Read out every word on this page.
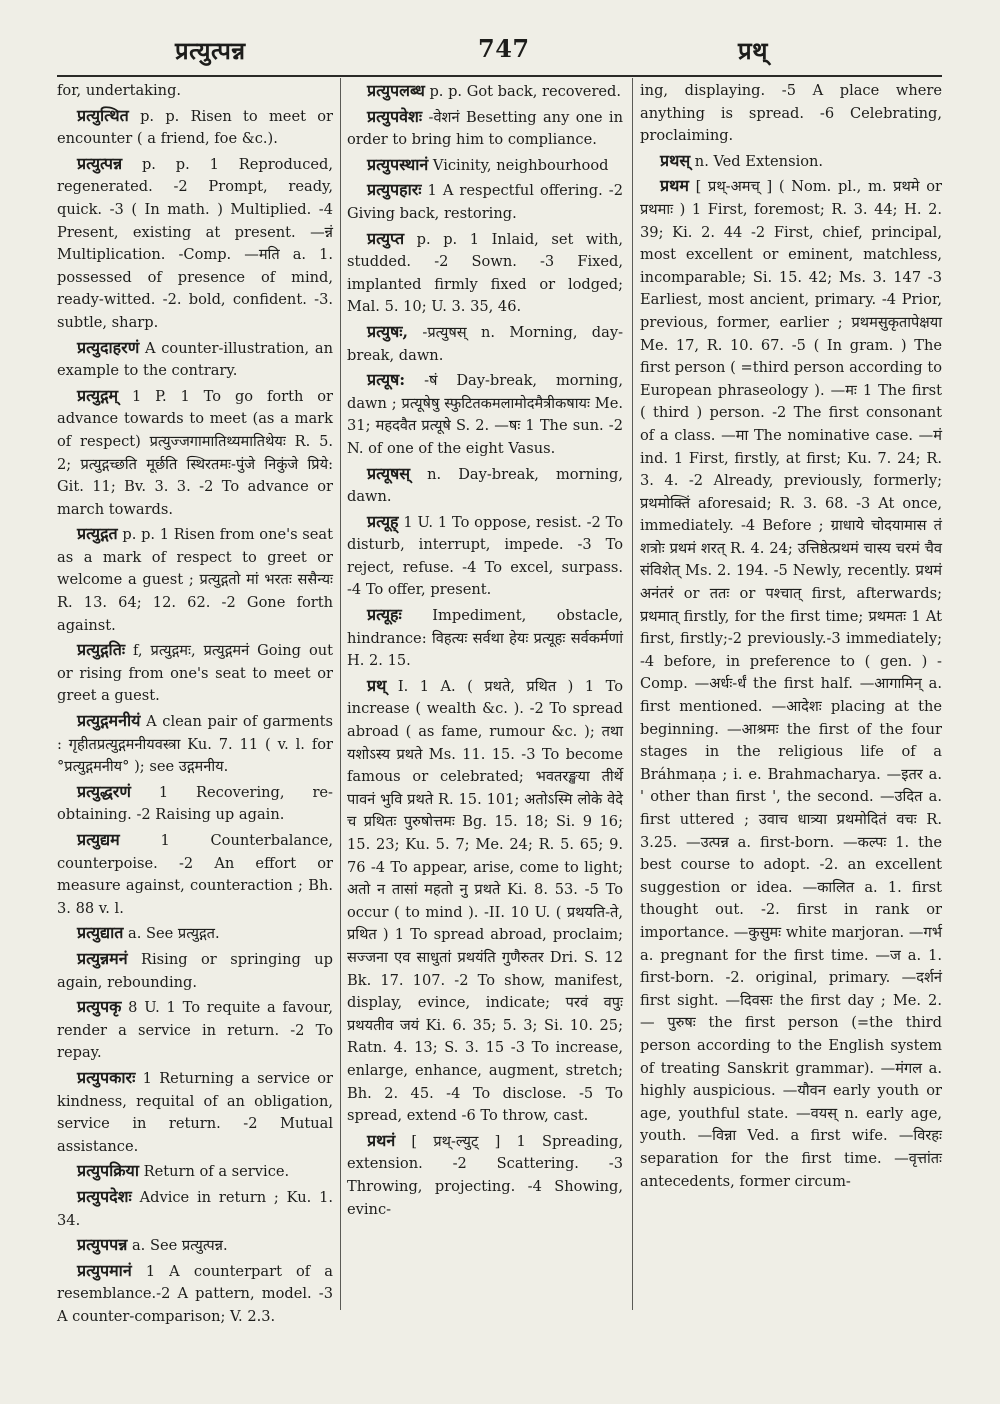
प्रत्युत्पन्न	747	प्रथ्

for, undertaking.

प्रत्युत्थित p. p. Risen to meet or encounter ( a friend, foe &c.).

प्रत्युत्पन्न p. p. 1 Reproduced, regenerated. -2 Prompt, ready, quick. -3 ( In math. ) Multiplied. -4 Present, existing at present. —न्नं Multiplication. -Comp. —मति a. 1. possessed of presence of mind, ready-witted. -2. bold, confident. -3. subtle, sharp.

प्रत्युदाहरणं A counter-illustration, an example to the contrary.

प्रत्युद्गम् 1 P. 1 To go forth or advance towards to meet (as a mark of respect) प्रत्युज्जगामातिथ्यमातिथेयः R. 5. 2; प्रत्युद्गच्छति मूर्छति स्थिरतमः-पुंजे निकुंजे प्रिये: Git. 11; Bv. 3. 3. -2 To advance or march towards.

प्रत्युद्गत p. p. 1 Risen from one's seat as a mark of respect to greet or welcome a guest ; प्रत्युद्गतो मां भरतः ससैन्यः R. 13. 64; 12. 62. -2 Gone forth against.

प्रत्युद्गतिः f, प्रत्युद्गमः, प्रत्युद्गमनं Going out or rising from one's seat to meet or greet a guest.

प्रत्युद्गमनीयं A clean pair of garments : गृहीतप्रत्युद्गमनीयवस्त्रा Ku. 7. 11 ( v. l. for °प्रत्युद्गमनीय° ); see उद्गमनीय.

प्रत्युद्धरणं 1 Recovering, re-obtaining. -2 Raising up again.

प्रत्युद्यम	1 Counterbalance, counterpoise. -2 An effort or measure against, counteraction ; Bh. 3. 88 v. l.

प्रत्युद्यात a. See प्रत्युद्गत.

प्रत्युन्नमनं Rising or springing up again, rebounding.

प्रत्युपकृ 8 U. 1 To requite a favour, render a service in return. -2 To repay.

प्रत्युपकारः 1 Returning a service or kindness, requital of an obligation, service in return. -2 Mutual assistance.

प्रत्युपक्रिया Return of a service.

प्रत्युपदेशः Advice in return ; Ku. 1. 34.

प्रत्युपपन्न a. See प्रत्युत्पन्न.

प्रत्युपमानं 1 A counterpart of a resemblance.-2 A pattern, model. -3 A counter-comparison; V. 2.3.

प्रत्युपलब्ध p. p. Got back, recovered.

प्रत्युपवेशः -वेशनं Besetting any one in order to bring him to compliance.

प्रत्युपस्थानं Vicinity, neighbourhood

प्रत्युपहारः 1 A respectful offering. -2 Giving back, restoring.

प्रत्युप्त p. p. 1 Inlaid, set with, studded. -2 Sown. -3 Fixed, implanted firmly fixed or lodged; Mal. 5. 10; U. 3. 35, 46.

प्रत्युषः, -प्रत्युषस् n. Morning, day-break, dawn.

प्रत्यूष: -षं Day-break, morning, dawn ; प्रत्यूषेषु स्फुटितकमलामोदमैत्रीकषायः Me. 31; महदवैत प्रत्यूषे S. 2. —षः 1 The sun. -2 N. of one of the eight Vasus.

प्रत्यूषस् n. Day-break, morning, dawn.

प्रत्यूह् 1 U. 1 To oppose, resist. -2 To disturb, interrupt, impede. -3 To reject, refuse. -4 To excel, surpass. -4 To offer, present.

प्रत्यूहः Impediment, obstacle, hindrance: विहत्यः सर्वथा हेयः प्रत्यूहः सर्वकर्मणां H. 2. 15.

प्रथ् I. 1 A. ( प्रथते, प्रथित ) 1 To increase ( wealth &c. ). -2 To spread abroad ( as fame, rumour &c. ); तथा यशोऽस्य प्रथते Ms. 11. 15. -3 To become famous or celebrated; भवतरङ्खया तीर्थे पावनं भुवि प्रथते R. 15. 101; अतोऽस्मि लोके वेदे च प्रथितः पुरुषोत्तमः Bg. 15. 18; Si. 9 16; 15. 23; Ku. 5. 7; Me. 24; R. 5. 65; 9. 76 -4 To appear, arise, come to light; अतो न तासां महतो नु प्रथते Ki. 8. 53. -5 To occur ( to mind ). -II. 10 U. ( प्रथयति-ते, प्रथित ) 1 To spread abroad, proclaim; सज्जना एव साधुतां प्रथयंति गुणैरुतर Dri. S. 12 Bk. 17. 107. -2 To show, manifest, display, evince, indicate; परवं वपुः प्रथयतीव जयं Ki. 6. 35; 5. 3; Si. 10. 25; Ratn. 4. 13; S. 3. 15 -3 To increase, enlarge, enhance, augment, stretch; Bh. 2. 45. -4 To disclose. -5 To spread, extend -6 To throw, cast.

प्रथनं [ प्रथ्-ल्युट् ] 1 Spreading, extension. -2 Scattering. -3 Throwing, projecting. -4 Showing, evinc-

ing, displaying. -5 A place where anything is spread. -6 Celebrating, proclaiming.

प्रथस् n. Ved Extension.

प्रथम [ प्रथ्-अमच् ] ( Nom. pl., m. प्रथमे or प्रथमाः ) 1 First, foremost; R. 3. 44; H. 2. 39; Ki. 2. 44 -2 First, chief, principal, most excellent or eminent, matchless, incomparable; Si. 15. 42; Ms. 3. 147 -3 Earliest, most ancient, primary. -4 Prior, previous, former, earlier ; प्रथमसुकृतापेक्षया Me. 17, R. 10. 67. -5 ( In gram. ) The first person ( =third person according to European phraseology ). —मः 1 The first ( third ) person. -2 The first consonant of a class. —मा The nominative case. —मं ind. 1 First, firstly, at first; Ku. 7. 24; R. 3. 4. -2 Already, previously, formerly; प्रथमोक्तिं aforesaid; R. 3. 68. -3 At once, immediately. -4 Before ; ग्राधाये चोदयामास तं शत्रोः प्रथमं शरत् R. 4. 24; उत्तिष्ठेत्प्रथमं चास्य चरमं चैव संविशेत् Ms. 2. 194. -5 Newly, recently. प्रथमं अनंतरं or ततः or पश्चात् first, afterwards; प्रथमात् firstly, for the first time; प्रथमतः 1 At first, firstly;-2 previously.-3 immediately; -4 before, in preference to ( gen. ) -Comp. —अर्धः-र्धं the first half. —आगामिन् a. first mentioned. —आदेशः placing at the beginning. —आश्रमः the first of the four stages in the religious life of a Bráhmaṇa ; i. e. Brahmacharya. —इतर a. ' other than first ', the second. —उदित a. first uttered ; उवाच धात्र्या प्रथमोदितं वचः R. 3.25. —उत्पन्न a. first-born. —कल्पः 1. the best course to adopt. -2. an excellent suggestion or idea. —कालित a. 1. first thought out. -2. first in rank or importance. —कुसुमः white marjoran. —गर्भ a. pregnant for the first time. —ज a. 1. first-born. -2. original, primary. —दर्शनं first sight. —दिवसः the first day ; Me. 2. — पुरुषः the first person (=the third person according to the English system of treating Sanskrit grammar). —मंगल a. highly auspicious. —यौवन early youth or age, youthful state. —वयस् n. early age, youth. —विन्ना Ved. a first wife. —विरहः separation for the first time. —वृत्तांतः antecedents, former circum-
